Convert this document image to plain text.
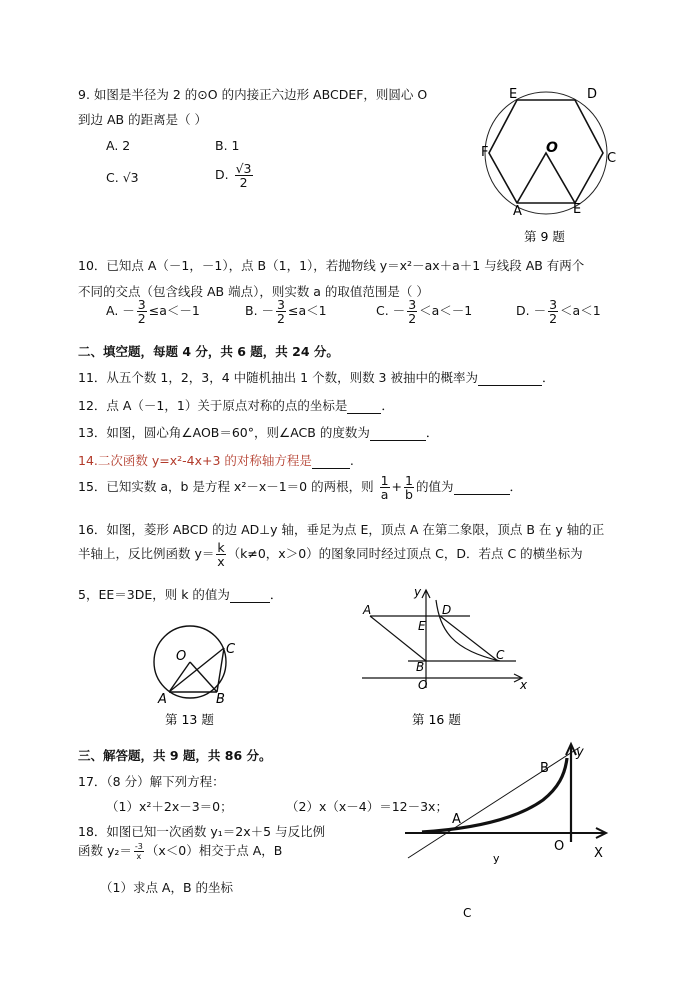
9. 如图是半径为 2 的⊙O 的内接正六边形 ABCDEF，则圆心 O
到边 AB 的距离是（ ）
A. 2	B. 1
C. √3	D. $\frac{√3}{2}$
E	D
F	O
C
A	E
第 9 题
10．已知点 A（－1，－1），点 B（1，1），若抛物线 y＝x²－ax＋a＋1 与线段 AB 有两个
不同的交点（包含线段 AB 端点），则实数 a 的取值范围是（ ）
A. － $\frac{3}{2} \le a<-1$	B. － $\frac{3}{2} \le a<1$	C. － $\frac{3}{2} <a<-1$	D. － $\frac{3}{2} <a<1$
二、填空题，每题 4 分，共 6 题，共 24 分。
11．从五个数 1，2，3，4 中随机抽出 1 个数，则数 3 被抽中的概率为	．
12．点 A（－1，1）关于原点对称的点的坐标是	．
13．如图，圆心角∠AOB＝60°，则∠ACB 的度数为	．
14.二次函数 y=x²-4x+3 的对称轴方程是	.
15．已知实数 a，b 是方程 x²－x－1＝0 的两根，则 $\frac{1}{a} + \frac{1}{b}$ 的值为	．
16．如图，菱形 ABCD 的边 AD⊥y 轴，垂足为点 E，顶点 A 在第二象限，顶点 B 在 y 轴的正
半轴上，反比例函数 $y= \frac{k}{x} (k\ne 0$，x＞0）的图象同时经过顶点 C，D．若点 C 的横坐标为
5，EE＝3DE，则 k 的值为	．
O	C
A	B
第 13 题
y
A	D
E
B
C
O	x
第 16 题
三、解答题，共 9 题，共 86 分。
17．（8 分）解下列方程：
（1）x²＋2x－3＝0；	（2）x（x－4）＝12－3x；
18．如图已知一次函数 y₁＝2x＋5 与反比例
函数 $y_2= \frac{-3}{x} (x<0)$相交于点 A，B
（1）求点 A，B 的坐标
y
B
A
O X
y
C
